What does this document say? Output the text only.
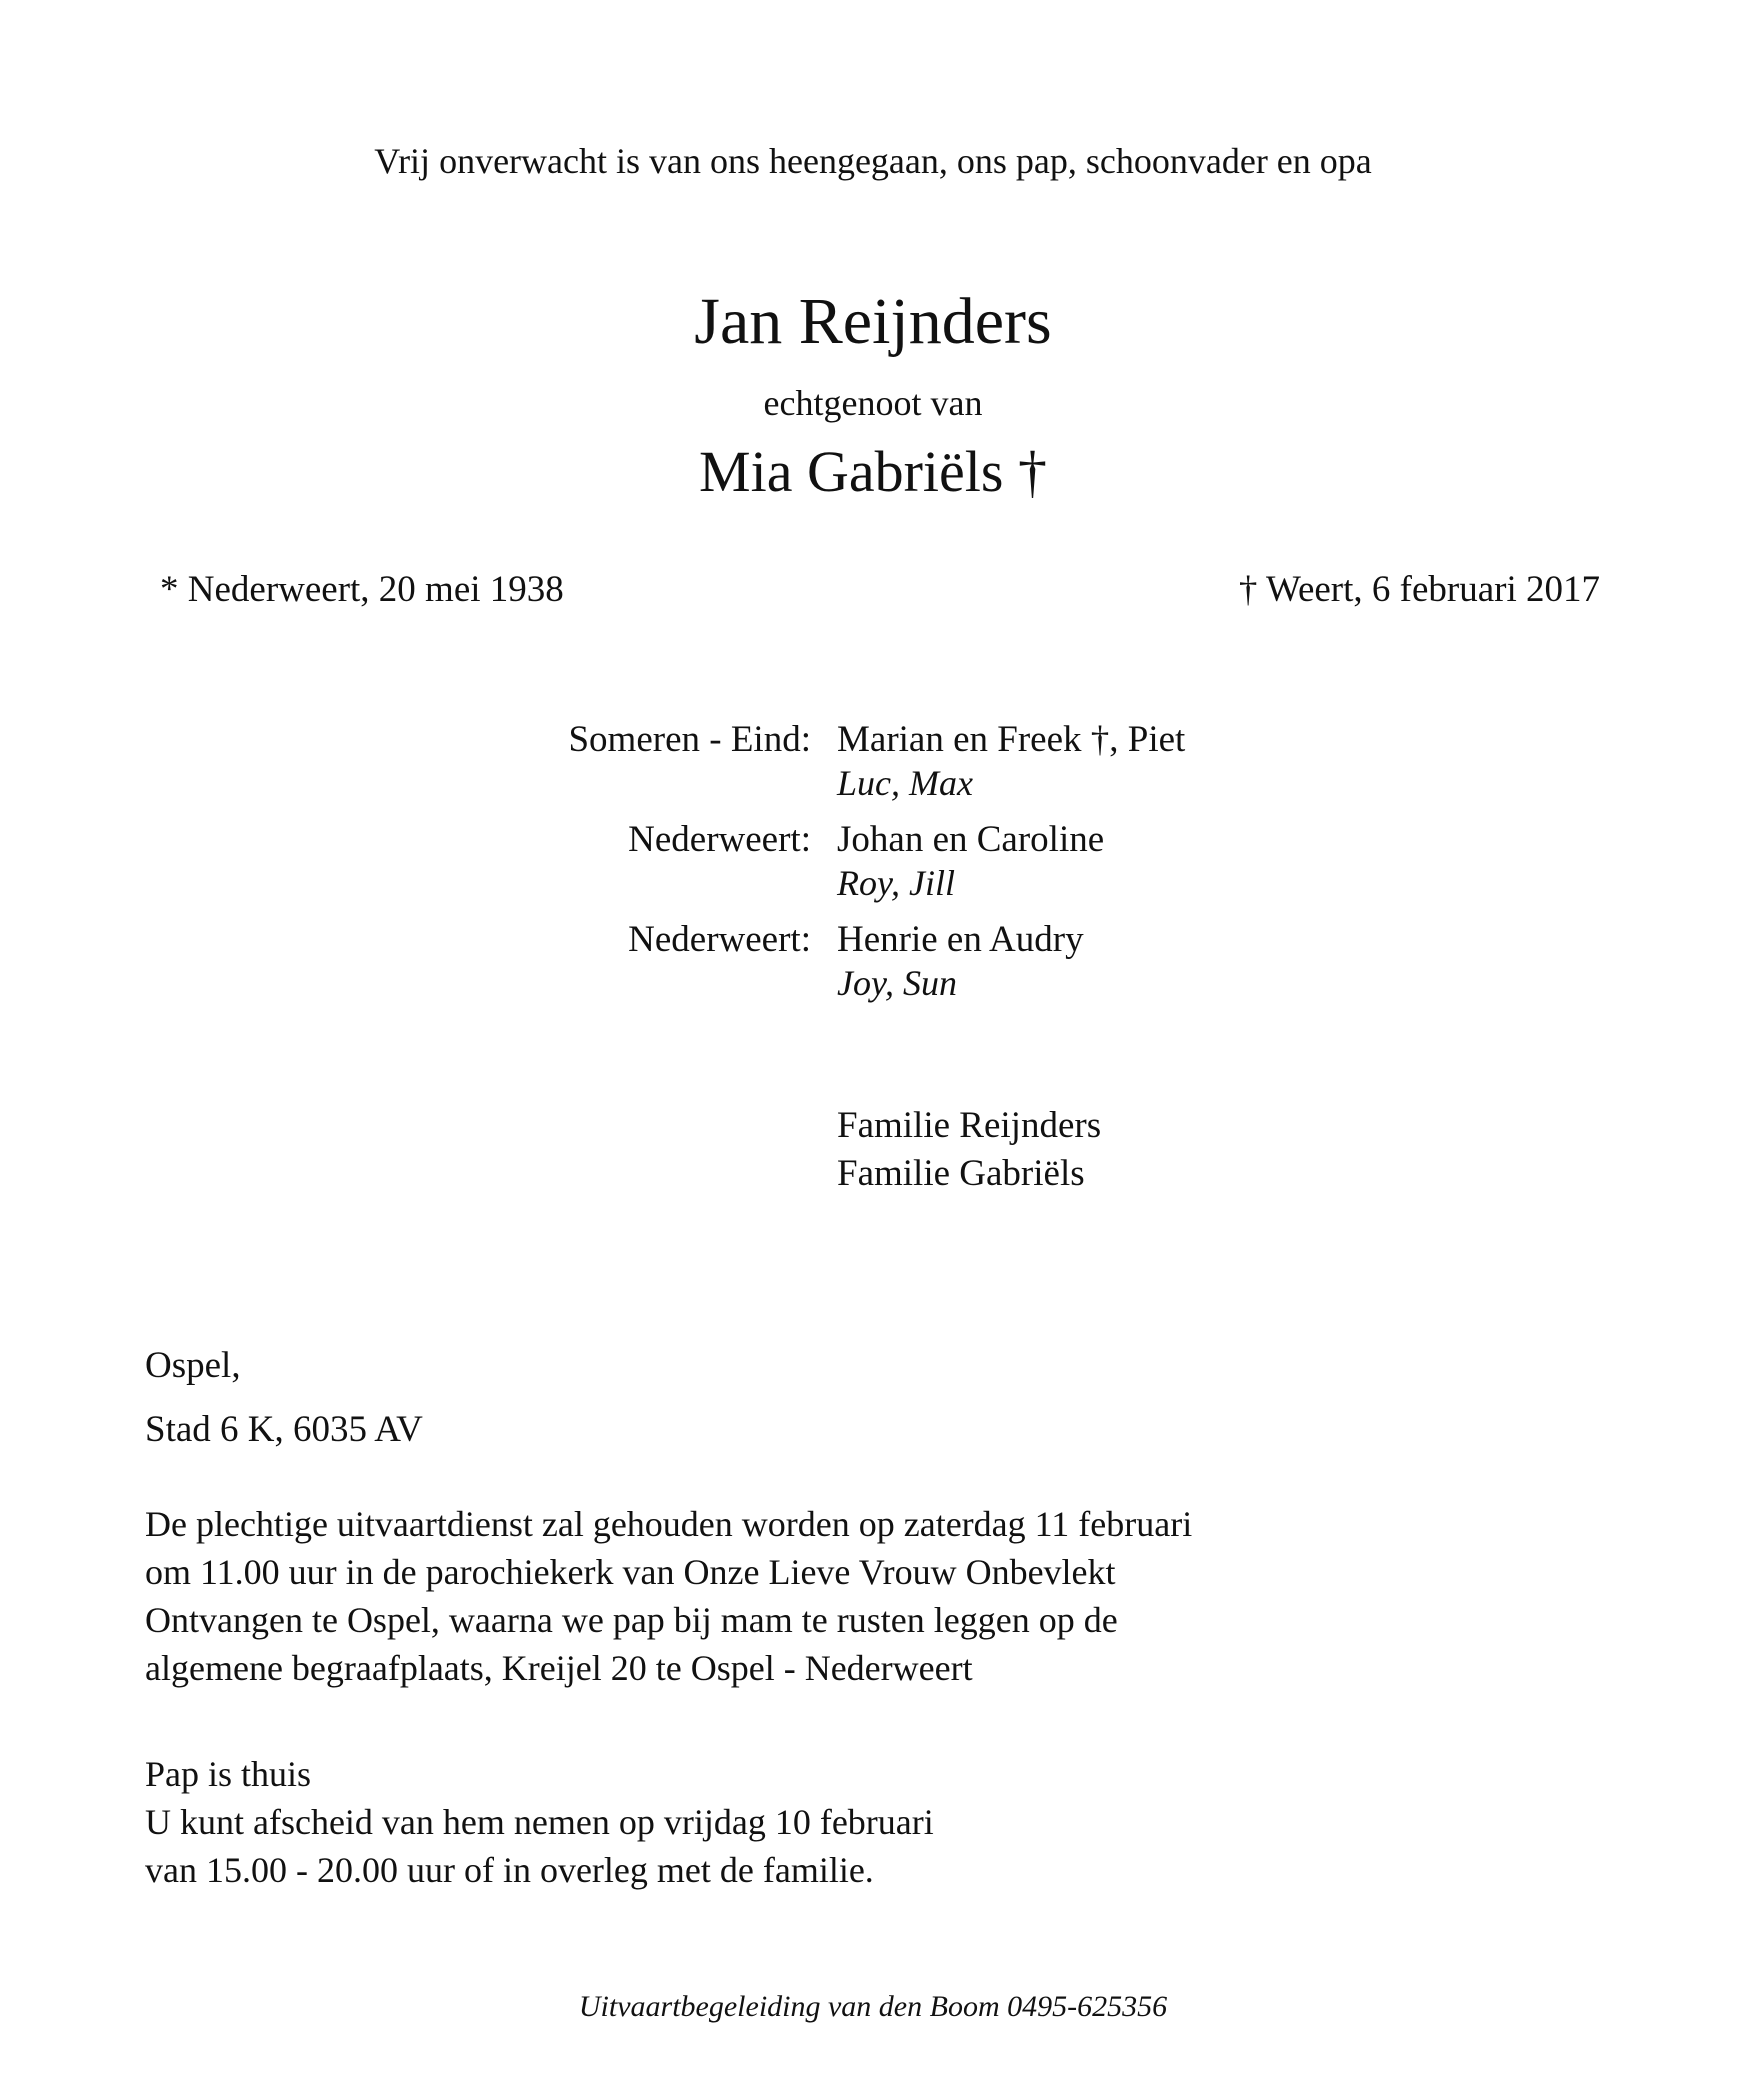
Vrij onverwacht is van ons heengegaan, ons pap, schoonvader en opa
Jan Reijnders
echtgenoot van
Mia Gabriëls †
* Nederweert, 20 mei 1938	† Weert, 6 februari 2017
Someren - Eind: Marian en Freek †, Piet
Luc, Max
Nederweert: Johan en Caroline
Roy, Jill
Nederweert: Henrie en Audry
Joy, Sun
Familie Reijnders
Familie Gabriëls
Ospel,
Stad 6 K, 6035 AV
De plechtige uitvaartdienst zal gehouden worden op zaterdag 11 februari
om 11.00 uur in de parochiekerk van Onze Lieve Vrouw Onbevlekt
Ontvangen te Ospel, waarna we pap bij mam te rusten leggen op de
algemene begraafplaats, Kreijel 20 te Ospel - Nederweert
Pap is thuis
U kunt afscheid van hem nemen op vrijdag 10 februari
van 15.00 - 20.00 uur of in overleg met de familie.
Uitvaartbegeleiding van den Boom 0495-625356
